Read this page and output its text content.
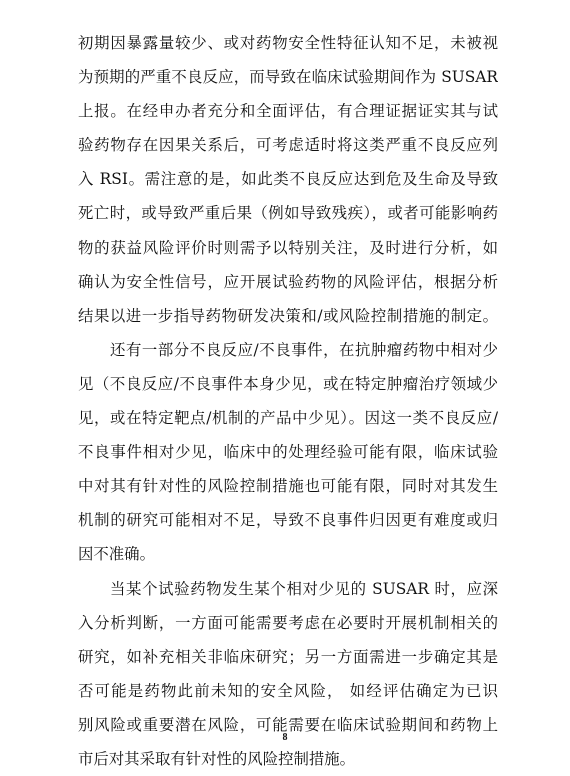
初期因暴露量较少、或对药物安全性特征认知不足，未被视
为预期的严重不良反应，而导致在临床试验期间作为 SUSAR
上报。在经申办者充分和全面评估，有合理证据证实其与试
验药物存在因果关系后，可考虑适时将这类严重不良反应列
入 RSI。需注意的是，如此类不良反应达到危及生命及导致
死亡时，或导致严重后果（例如导致残疾），或者可能影响药
物的获益风险评价时则需予以特别关注，及时进行分析，如
确认为安全性信号，应开展试验药物的风险评估，根据分析
结果以进一步指导药物研发决策和/或风险控制措施的制定。
还有一部分不良反应/不良事件，在抗肿瘤药物中相对少
见（不良反应/不良事件本身少见，或在特定肿瘤治疗领域少
见，或在特定靶点/机制的产品中少见）。因这一类不良反应/
不良事件相对少见，临床中的处理经验可能有限，临床试验
中对其有针对性的风险控制措施也可能有限，同时对其发生
机制的研究可能相对不足，导致不良事件归因更有难度或归
因不准确。
当某个试验药物发生某个相对少见的 SUSAR 时，应深
入分析判断，一方面可能需要考虑在必要时开展机制相关的
研究，如补充相关非临床研究；另一方面需进一步确定其是
否可能是药物此前未知的安全风险， 如经评估确定为已识
别风险或重要潜在风险，可能需要在临床试验期间和药物上
市后对其采取有针对性的风险控制措施。
8
